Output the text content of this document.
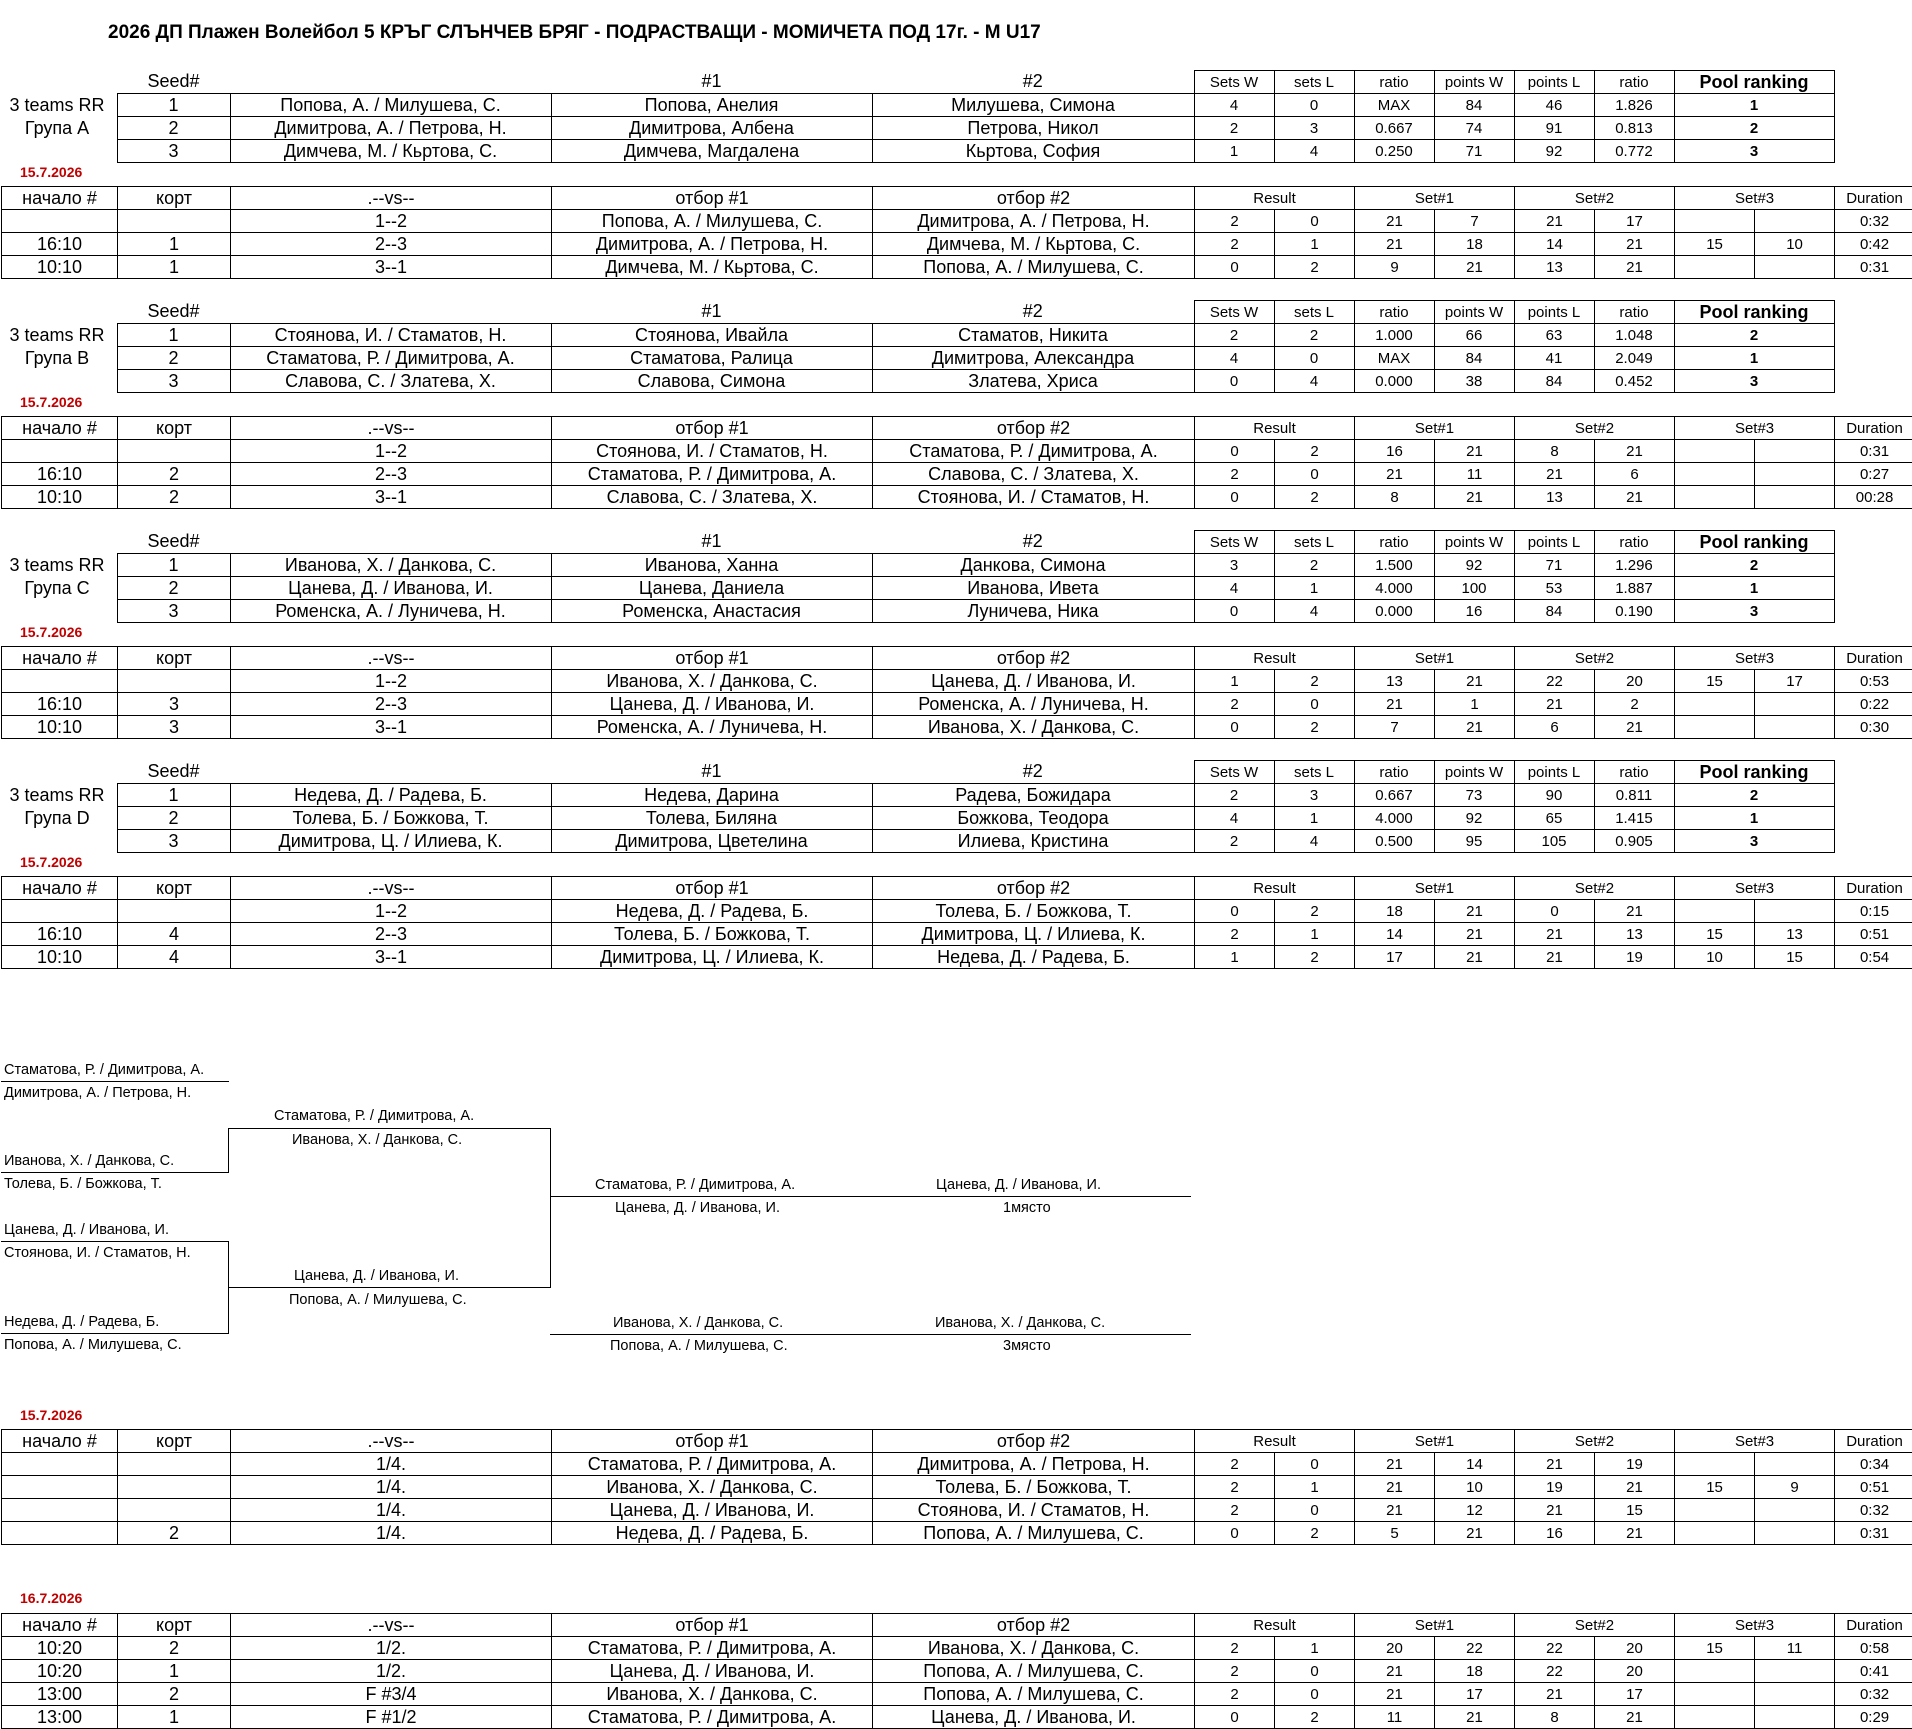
2026 ДП Плажен Волейбол 5 КРЪГ СЛЪНЧЕВ БРЯГ - ПОДРАСТВАЩИ - МОМИЧЕТА ПОД 17г. - М U17
	Seed#		#1	#2	Sets W	sets L	ratio	points W	points L	ratio	Pool ranking
	1	Попова, А. / Милушева, С.	Попова, Анелия	Милушева, Симона	4	0	MAX	84	46	1.826	1
	2	Димитрова, А. / Петрова, Н.	Димитрова, Албена	Петрова, Никол	2	3	0.667	74	91	0.813	2
	3	Димчева, М. / Кьртова, С.	Димчева, Магдалена	Кьртова, София	1	4	0.250	71	92	0.772	3
3 teams RR
Група A
15.7.2026
начало #	корт	.--vs--	отбор #1	отбор #2	Result		Set#1		Set#2		Set#3		Duration
		1--2	Попова, А. / Милушева, С.	Димитрова, А. / Петрова, Н.	2	0	21	7	21	17			0:32
16:10	1	2--3	Димитрова, А. / Петрова, Н.	Димчева, М. / Кьртова, С.	2	1	21	18	14	21	15	10	0:42
10:10	1	3--1	Димчева, М. / Кьртова, С.	Попова, А. / Милушева, С.	0	2	9	21	13	21			0:31
	Seed#		#1	#2	Sets W	sets L	ratio	points W	points L	ratio	Pool ranking
	1	Стоянова, И. / Стаматов, Н.	Стоянова, Ивайла	Стаматов, Никита	2	2	1.000	66	63	1.048	2
	2	Стаматова, Р. / Димитрова, А.	Стаматова, Ралица	Димитрова, Александра	4	0	MAX	84	41	2.049	1
	3	Славова, С. / Златева, Х.	Славова, Симона	Златева, Хриса	0	4	0.000	38	84	0.452	3
3 teams RR
Група B
15.7.2026
начало #	корт	.--vs--	отбор #1	отбор #2	Result		Set#1		Set#2		Set#3		Duration
		1--2	Стоянова, И. / Стаматов, Н.	Стаматова, Р. / Димитрова, А.	0	2	16	21	8	21			0:31
16:10	2	2--3	Стаматова, Р. / Димитрова, А.	Славова, С. / Златева, Х.	2	0	21	11	21	6			0:27
10:10	2	3--1	Славова, С. / Златева, Х.	Стоянова, И. / Стаматов, Н.	0	2	8	21	13	21			00:28
	Seed#		#1	#2	Sets W	sets L	ratio	points W	points L	ratio	Pool ranking
	1	Иванова, Х. / Данкова, С.	Иванова, Ханна	Данкова, Симона	3	2	1.500	92	71	1.296	2
	2	Цанева, Д. / Иванова, И.	Цанева, Даниела	Иванова, Ивета	4	1	4.000	100	53	1.887	1
	3	Роменска, А. / Луничева, Н.	Роменска, Анастасия	Луничева, Ника	0	4	0.000	16	84	0.190	3
3 teams RR
Група C
15.7.2026
начало #	корт	.--vs--	отбор #1	отбор #2	Result		Set#1		Set#2		Set#3		Duration
		1--2	Иванова, Х. / Данкова, С.	Цанева, Д. / Иванова, И.	1	2	13	21	22	20	15	17	0:53
16:10	3	2--3	Цанева, Д. / Иванова, И.	Роменска, А. / Луничева, Н.	2	0	21	1	21	2			0:22
10:10	3	3--1	Роменска, А. / Луничева, Н.	Иванова, Х. / Данкова, С.	0	2	7	21	6	21			0:30
	Seed#		#1	#2	Sets W	sets L	ratio	points W	points L	ratio	Pool ranking
	1	Недева, Д. / Радева, Б.	Недева, Дарина	Радева, Божидара	2	3	0.667	73	90	0.811	2
	2	Толева, Б. / Божкова, Т.	Толева, Биляна	Божкова, Теодора	4	1	4.000	92	65	1.415	1
	3	Димитрова, Ц. / Илиева, К.	Димитрова, Цветелина	Илиева, Кристина	2	4	0.500	95	105	0.905	3
3 teams RR
Група D
15.7.2026
начало #	корт	.--vs--	отбор #1	отбор #2	Result		Set#1		Set#2		Set#3		Duration
		1--2	Недева, Д. / Радева, Б.	Толева, Б. / Божкова, Т.	0	2	18	21	0	21			0:15
16:10	4	2--3	Толева, Б. / Божкова, Т.	Димитрова, Ц. / Илиева, К.	2	1	14	21	21	13	15	13	0:51
10:10	4	3--1	Димитрова, Ц. / Илиева, К.	Недева, Д. / Радева, Б.	1	2	17	21	21	19	10	15	0:54
Стаматова, Р. / Димитрова, А.
Димитрова, А. / Петрова, Н.
Иванова, Х. / Данкова, С.
Толева, Б. / Божкова, Т.
Цанева, Д. / Иванова, И.
Стоянова, И. / Стаматов, Н.
Недева, Д. / Радева, Б.
Попова, А. / Милушева, С.
Стаматова, Р. / Димитрова, А.
Иванова, Х. / Данкова, С.
Цанева, Д. / Иванова, И.
Попова, А. / Милушева, С.
Стаматова, Р. / Димитрова, А.
Цанева, Д. / Иванова, И.
Цанева, Д. / Иванова, И.
1място
Иванова, Х. / Данкова, С.
Попова, А. / Милушева, С.
Иванова, Х. / Данкова, С.
3място
15.7.2026
начало #	корт	.--vs--	отбор #1	отбор #2	Result		Set#1		Set#2		Set#3		Duration
		1/4.	Стаматова, Р. / Димитрова, А.	Димитрова, А. / Петрова, Н.	2	0	21	14	21	19			0:34
		1/4.	Иванова, Х. / Данкова, С.	Толева, Б. / Божкова, Т.	2	1	21	10	19	21	15	9	0:51
		1/4.	Цанева, Д. / Иванова, И.	Стоянова, И. / Стаматов, Н.	2	0	21	12	21	15			0:32
	2	1/4.	Недева, Д. / Радева, Б.	Попова, А. / Милушева, С.	0	2	5	21	16	21			0:31
16.7.2026
начало #	корт	.--vs--	отбор #1	отбор #2	Result		Set#1		Set#2		Set#3		Duration
10:20	2	1/2.	Стаматова, Р. / Димитрова, А.	Иванова, Х. / Данкова, С.	2	1	20	22	22	20	15	11	0:58
10:20	1	1/2.	Цанева, Д. / Иванова, И.	Попова, А. / Милушева, С.	2	0	21	18	22	20			0:41
13:00	2	F #3/4	Иванова, Х. / Данкова, С.	Попова, А. / Милушева, С.	2	0	21	17	21	17			0:32
13:00	1	F #1/2	Стаматова, Р. / Димитрова, А.	Цанева, Д. / Иванова, И.	0	2	11	21	8	21			0:29
